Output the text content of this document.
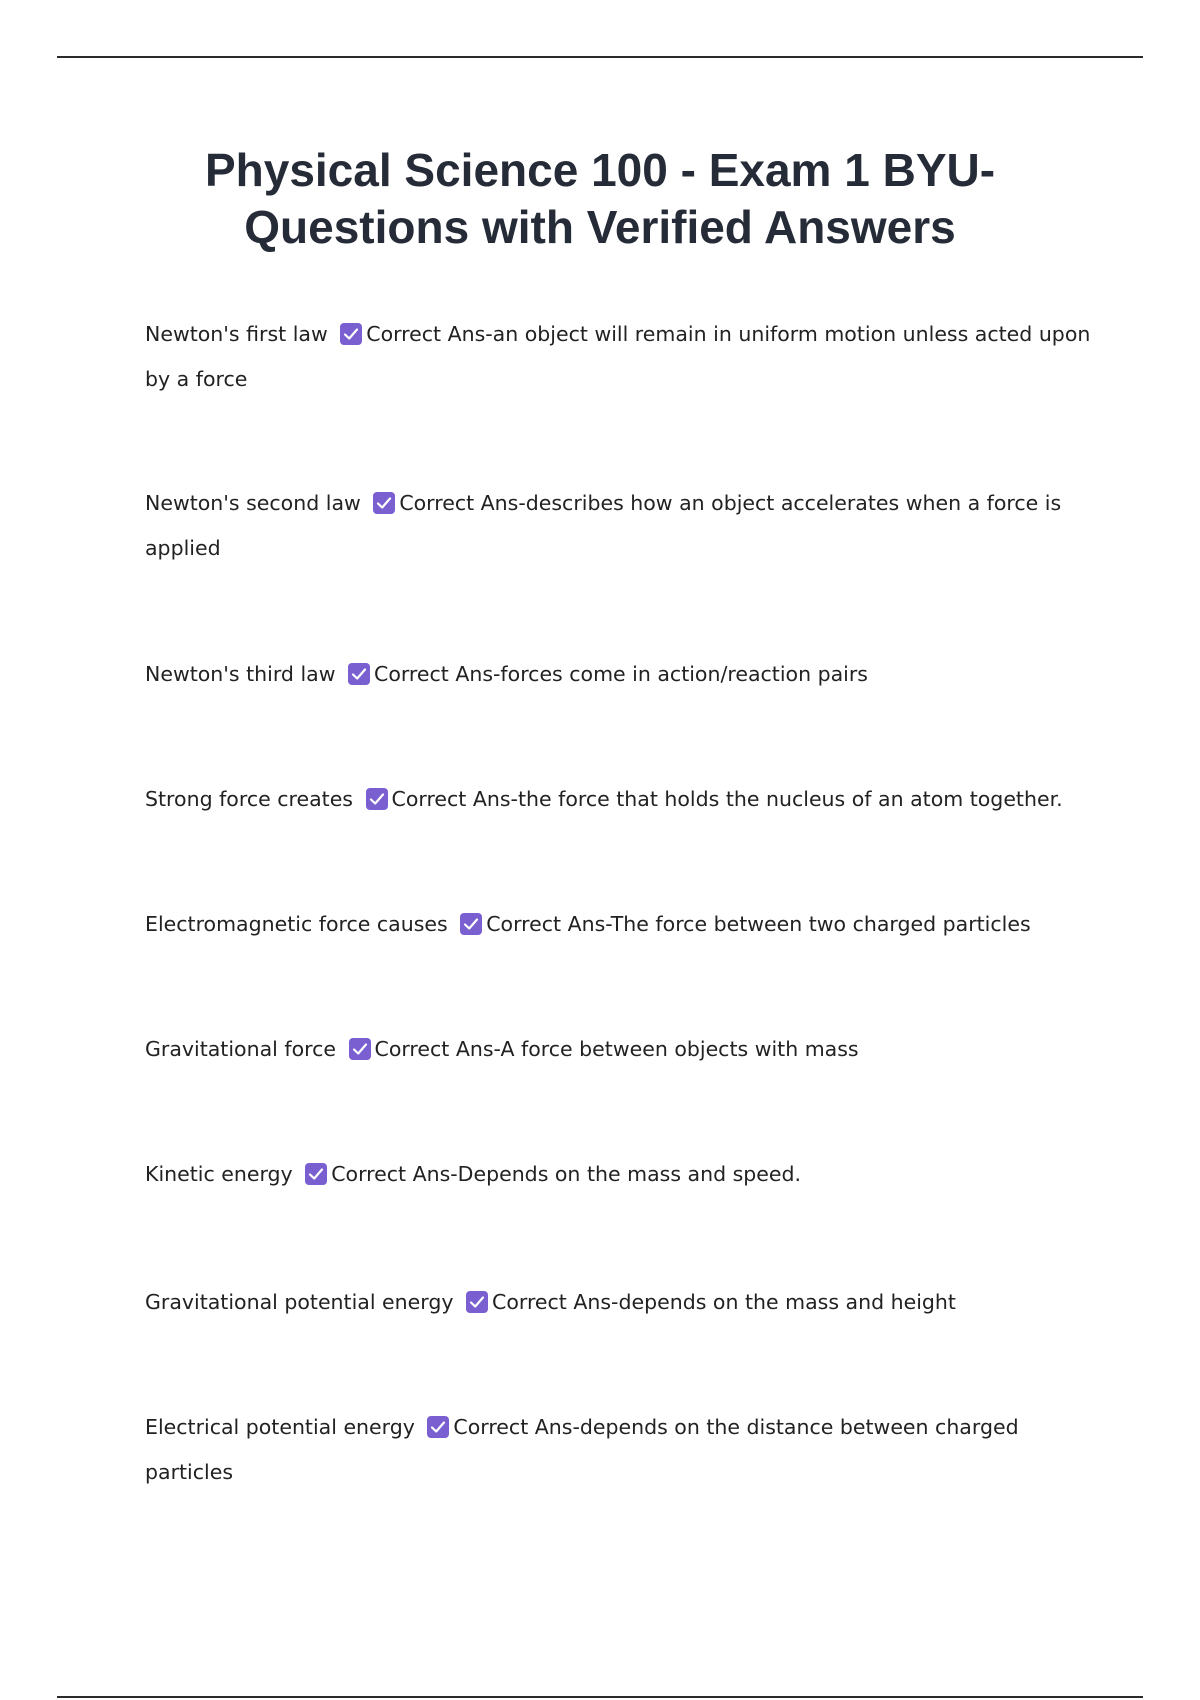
Physical Science 100 - Exam 1 BYU-
Questions with Verified Answers

Newton's first law Correct Ans-an object will remain in uniform motion unless acted upon by a force

Newton's second law Correct Ans-describes how an object accelerates when a force is applied

Newton's third law Correct Ans-forces come in action/reaction pairs

Strong force creates Correct Ans-the force that holds the nucleus of an atom together.

Electromagnetic force causes Correct Ans-The force between two charged particles

Gravitational force Correct Ans-A force between objects with mass

Kinetic energy Correct Ans-Depends on the mass and speed.

Gravitational potential energy Correct Ans-depends on the mass and height

Electrical potential energy Correct Ans-depends on the distance between charged particles
